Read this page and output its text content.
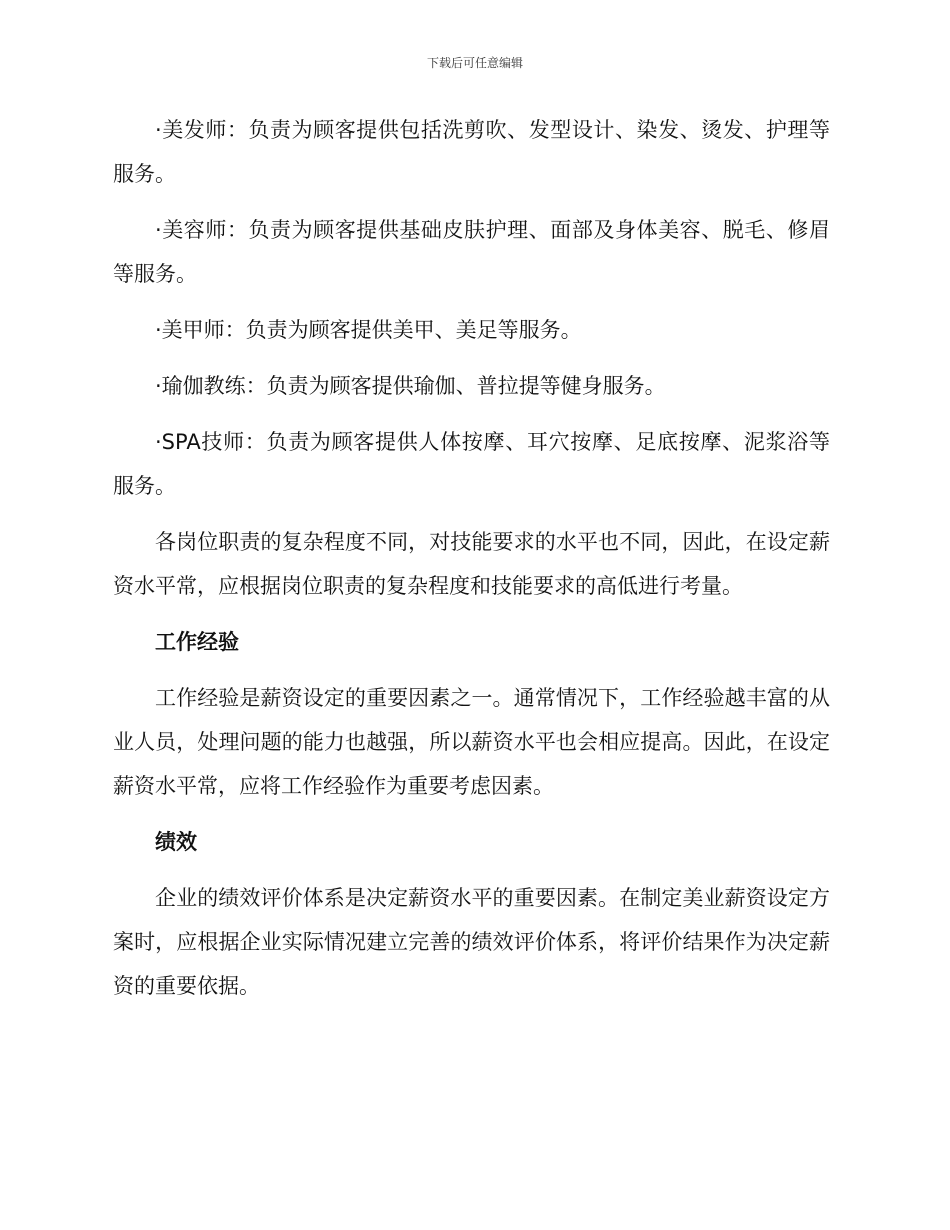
下载后可任意编辑

·美发师：负责为顾客提供包括洗剪吹、发型设计、染发、烫发、护理等服务。

·美容师：负责为顾客提供基础皮肤护理、面部及身体美容、脱毛、修眉等服务。

·美甲师：负责为顾客提供美甲、美足等服务。

·瑜伽教练：负责为顾客提供瑜伽、普拉提等健身服务。

·SPA技师：负责为顾客提供人体按摩、耳穴按摩、足底按摩、泥浆浴等服务。

各岗位职责的复杂程度不同，对技能要求的水平也不同，因此，在设定薪资水平常，应根据岗位职责的复杂程度和技能要求的高低进行考量。

工作经验

工作经验是薪资设定的重要因素之一。通常情况下，工作经验越丰富的从业人员，处理问题的能力也越强，所以薪资水平也会相应提高。因此，在设定薪资水平常，应将工作经验作为重要考虑因素。

绩效

企业的绩效评价体系是决定薪资水平的重要因素。在制定美业薪资设定方案时，应根据企业实际情况建立完善的绩效评价体系，将评价结果作为决定薪资的重要依据。
